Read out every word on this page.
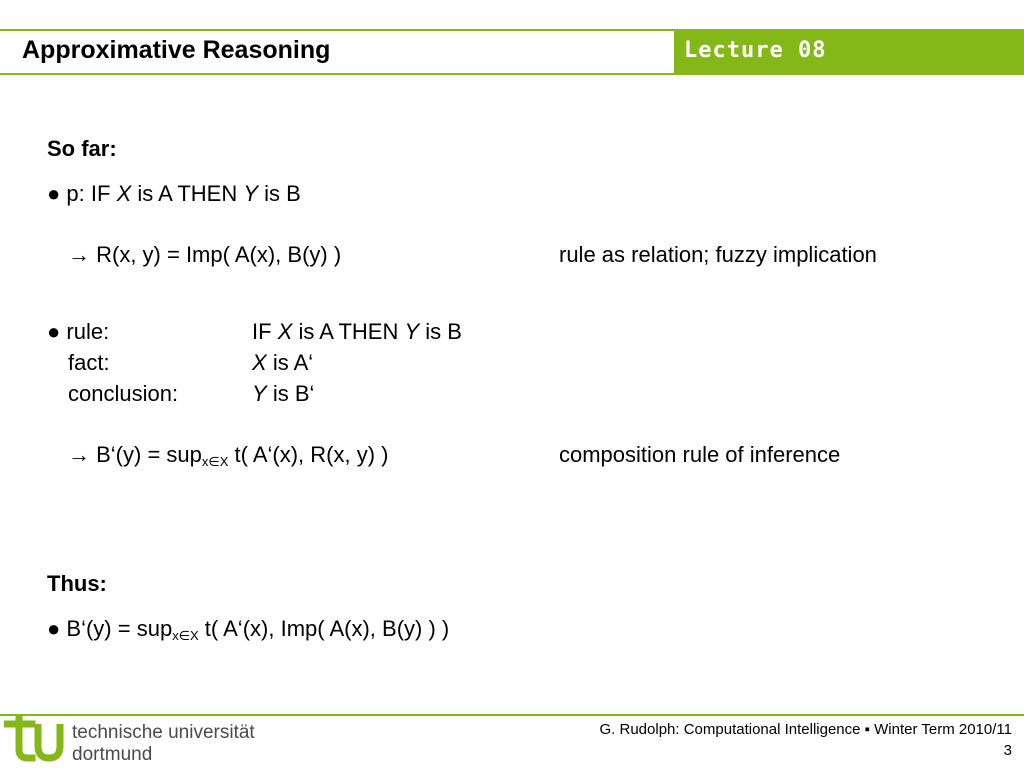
Approximative Reasoning	Lecture 08
So far:
● p: IF X is A THEN Y is B
→ R(x, y) = Imp( A(x), B(y) )	rule as relation; fuzzy implication
● rule:	IF X is A THEN Y is B
fact:	X is A‘
conclusion:	Y is B‘
→ B‘(y) = sup$_{x\in X}$ t( A‘(x), R(x, y) )	composition rule of inference
Thus:
● B‘(y) = sup$_{x\in X}$ t( A‘(x), Imp( A(x), B(y) ) )
technische universität
dortmund
G. Rudolph: Computational Intelligence ▪ Winter Term 2010/11
3
